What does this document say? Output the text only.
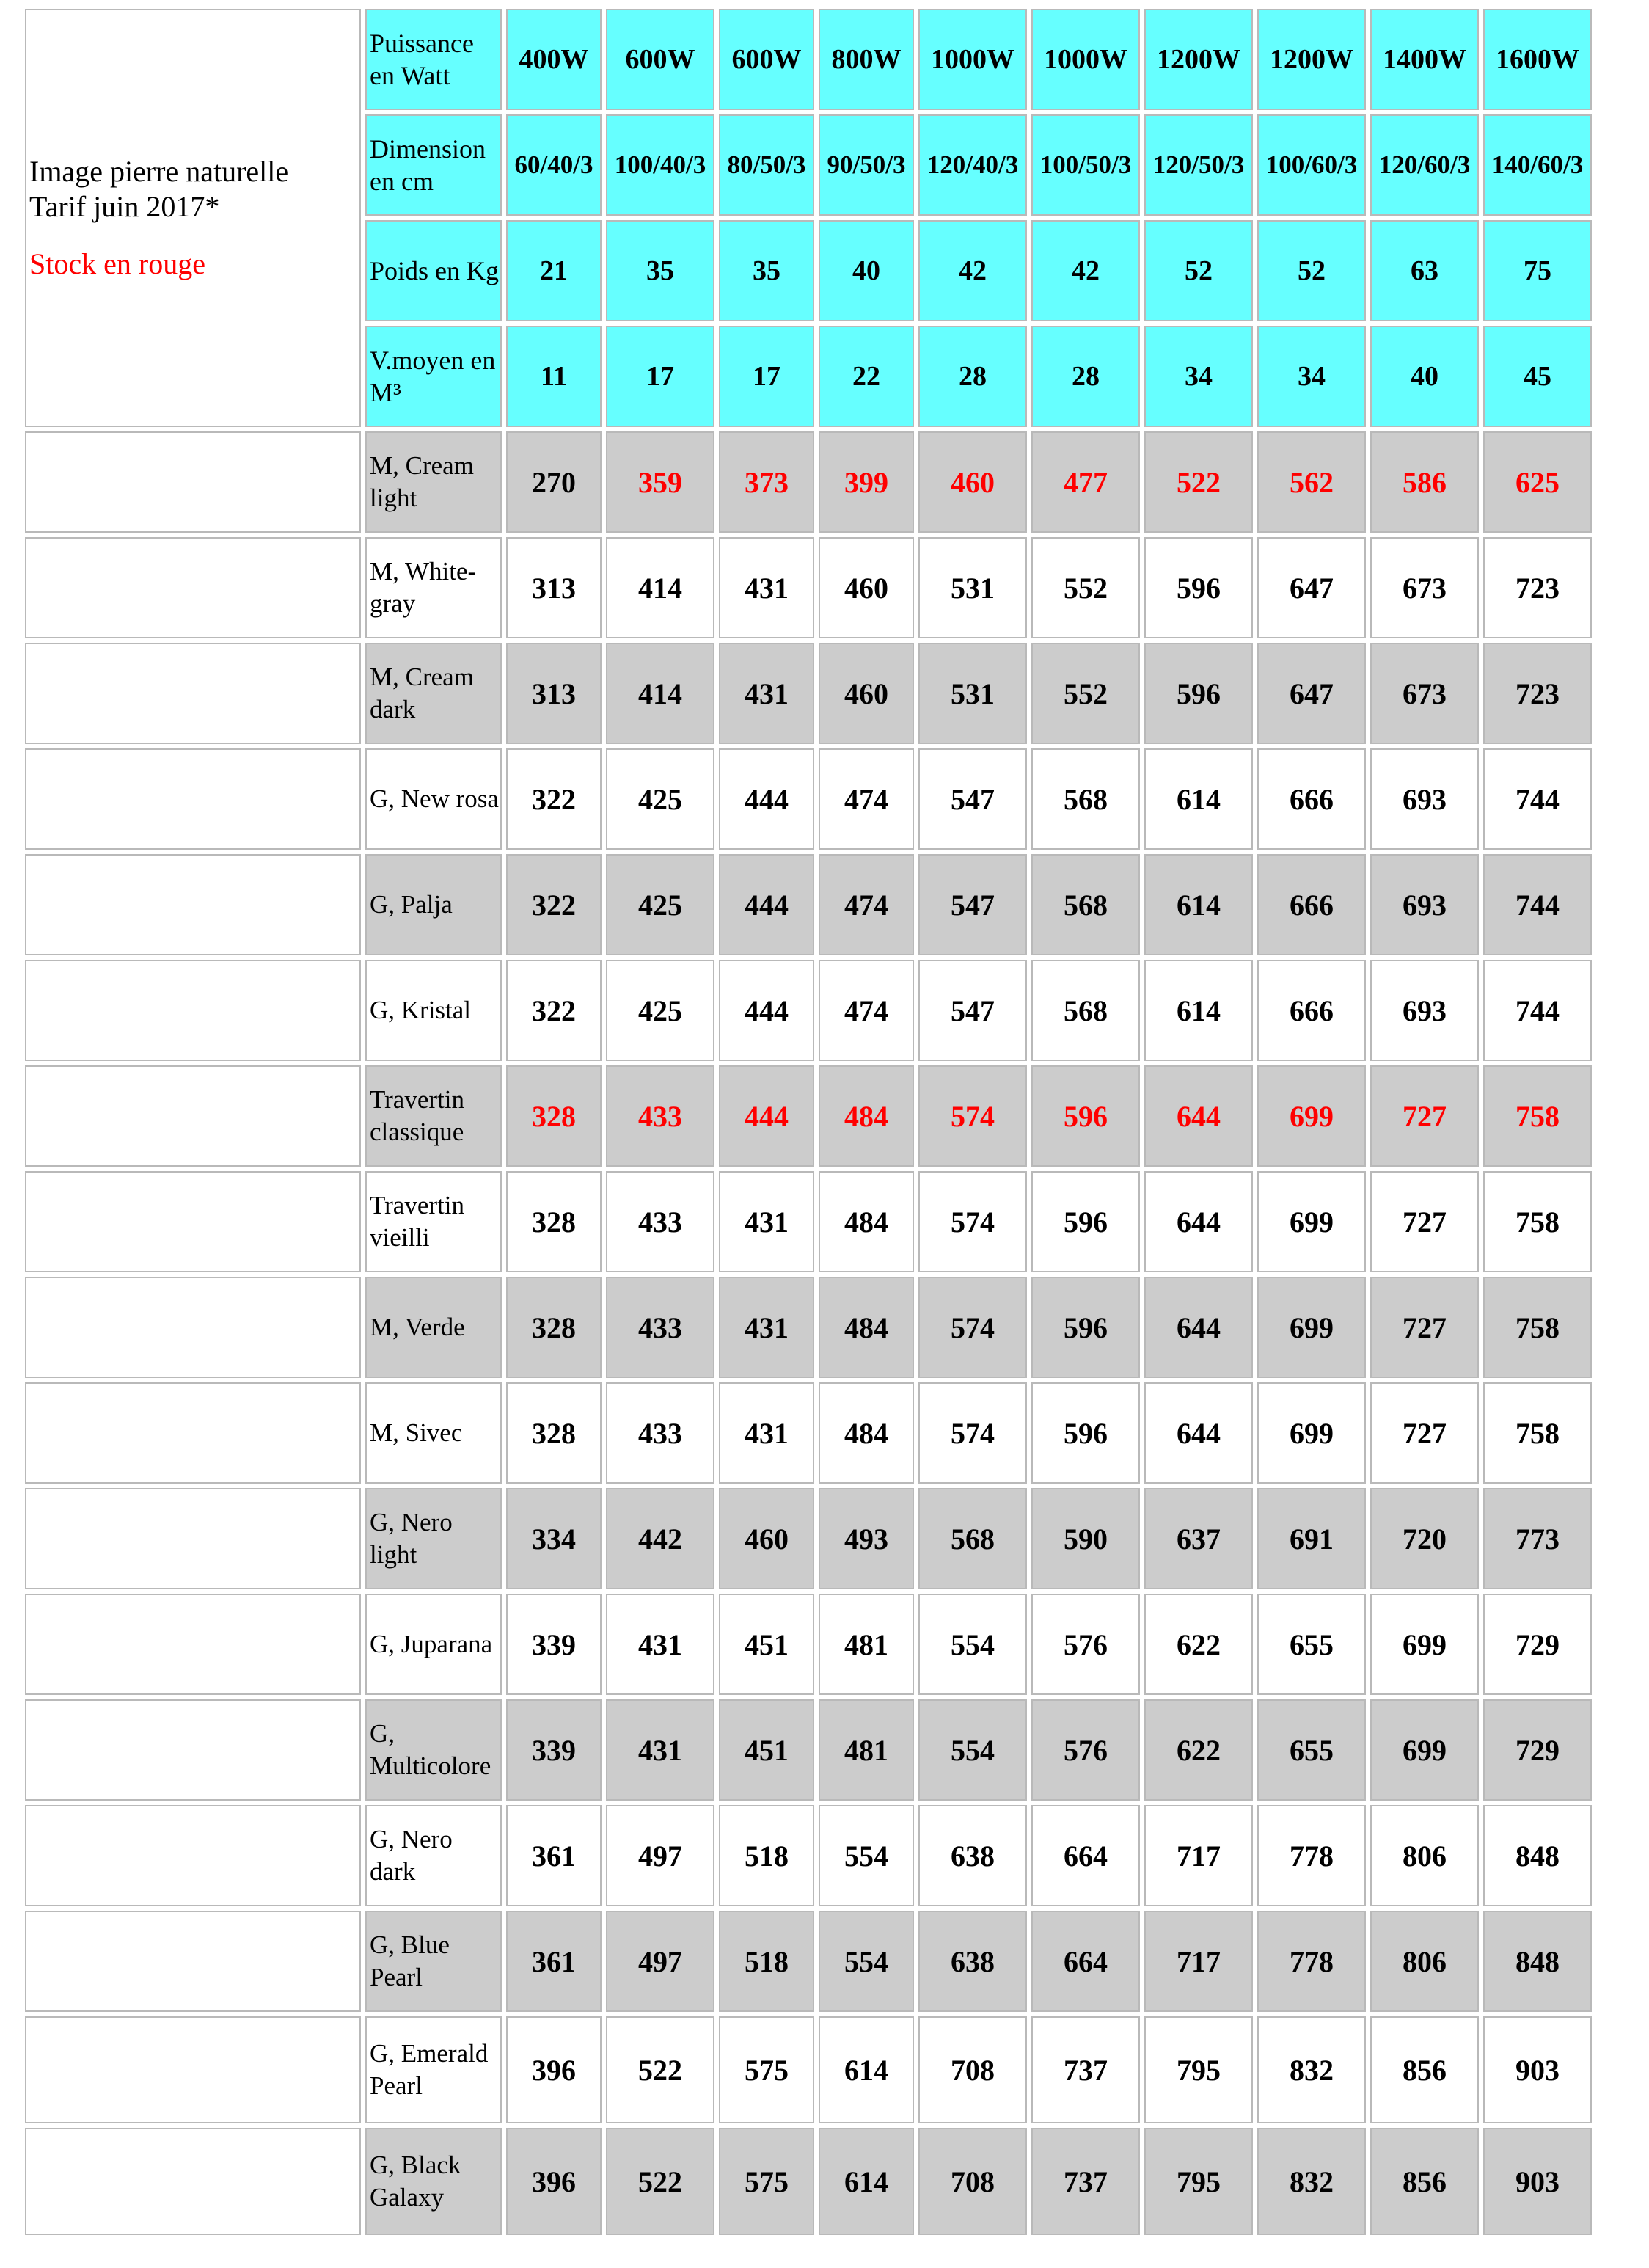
Image pierre naturelle
Tarif juin 2017*
Stock en rouge	Puissance en Watt	400W	600W	600W	800W	1000W	1000W	1200W	1200W	1400W	1600W
	Dimension en cm	60/40/3	100/40/3	80/50/3	90/50/3	120/40/3	100/50/3	120/50/3	100/60/3	120/60/3	140/60/3
	Poids en Kg	21	35	35	40	42	42	52	52	63	75
	V.moyen en M³	11	17	17	22	28	28	34	34	40	45

SODIELEC	M, Cream light	270	359	373	399	460	477	522	562	586	625

SODIELEC	M, White-gray	313	414	431	460	531	552	596	647	673	723

SODIELEC	M, Cream dark	313	414	431	460	531	552	596	647	673	723

SODIELEC	G, New rosa	322	425	444	474	547	568	614	666	693	744

SODIELEC	G, Palja	322	425	444	474	547	568	614	666	693	744

SODIELEC	G, Kristal	322	425	444	474	547	568	614	666	693	744

SODIELEC	Travertin classique	328	433	444	484	574	596	644	699	727	758

SODIELEC	Travertin vieilli	328	433	431	484	574	596	644	699	727	758

SODIELEC	M, Verde	328	433	431	484	574	596	644	699	727	758

SODIELEC	M, Sivec	328	433	431	484	574	596	644	699	727	758

SODIELEC	G, Nero light	334	442	460	493	568	590	637	691	720	773

SODIELEC	G, Juparana	339	431	451	481	554	576	622	655	699	729

SODIELEC	G, Multicolore	339	431	451	481	554	576	622	655	699	729

SODIELEC	G, Nero dark	361	497	518	554	638	664	717	778	806	848

SODIELEC	G, Blue Pearl	361	497	518	554	638	664	717	778	806	848

SODIELEC	G, Emerald Pearl	396	522	575	614	708	737	795	832	856	903

SODIELEC	G, Black Galaxy	396	522	575	614	708	737	795	832	856	903
